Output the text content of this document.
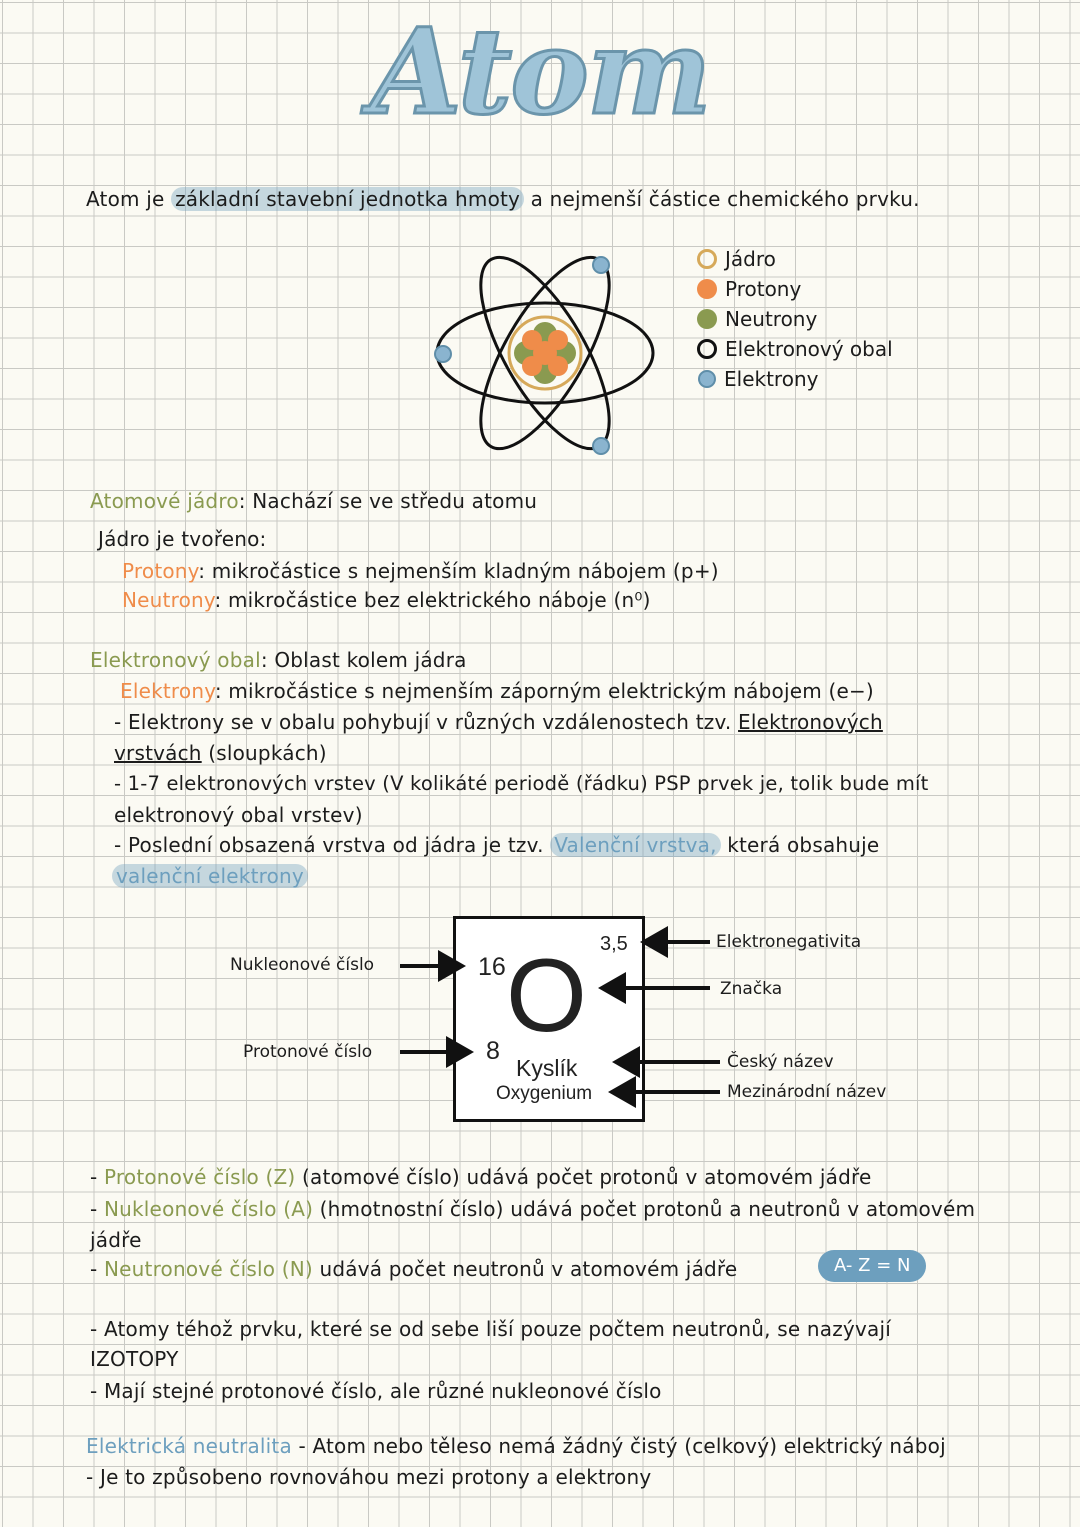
Atom
Atom je základní stavební jednotka hmoty a nejmenší částice chemického prvku.
Jádro
Protony
Neutrony
Elektronový obal
Elektrony
Atomové jádro: Nachází se ve středu atomu
Jádro je tvořeno:
Protony: mikročástice s nejmenším kladným nábojem (p+)
Neutrony: mikročástice bez elektrického náboje (n⁰)
Elektronový obal: Oblast kolem jádra
Elektrony: mikročástice s nejmenším záporným elektrickým nábojem (e−)
- Elektrony se v obalu pohybují v různých vzdálenostech tzv. Elektronových
vrstvách (sloupkách)
- 1-7 elektronových vrstev (V kolikáté periodě (řádku) PSP prvek je, tolik bude mít
elektronový obal vrstev)
- Poslední obsazená vrstva od jádra je tzv. Valenční vrstva, která obsahuje
valenční elektrony
16
3,5
O
8
Kyslík
Oxygenium
Nukleonové číslo
Protonové číslo
Elektronegativita
Značka
Český název
Mezinárodní název
- Protonové číslo (Z) (atomové číslo) udává počet protonů v atomovém jádře
- Nukleonové číslo (A) (hmotnostní číslo) udává počet protonů a neutronů v atomovém
jádře
- Neutronové číslo (N) udává počet neutronů v atomovém jádře	A- Z = N
- Atomy téhož prvku, které se od sebe liší pouze počtem neutronů, se nazývají
IZOTOPY
- Mají stejné protonové číslo, ale různé nukleonové číslo
Elektrická neutralita - Atom nebo těleso nemá žádný čistý (celkový) elektrický náboj
- Je to způsobeno rovnováhou mezi protony a elektrony
